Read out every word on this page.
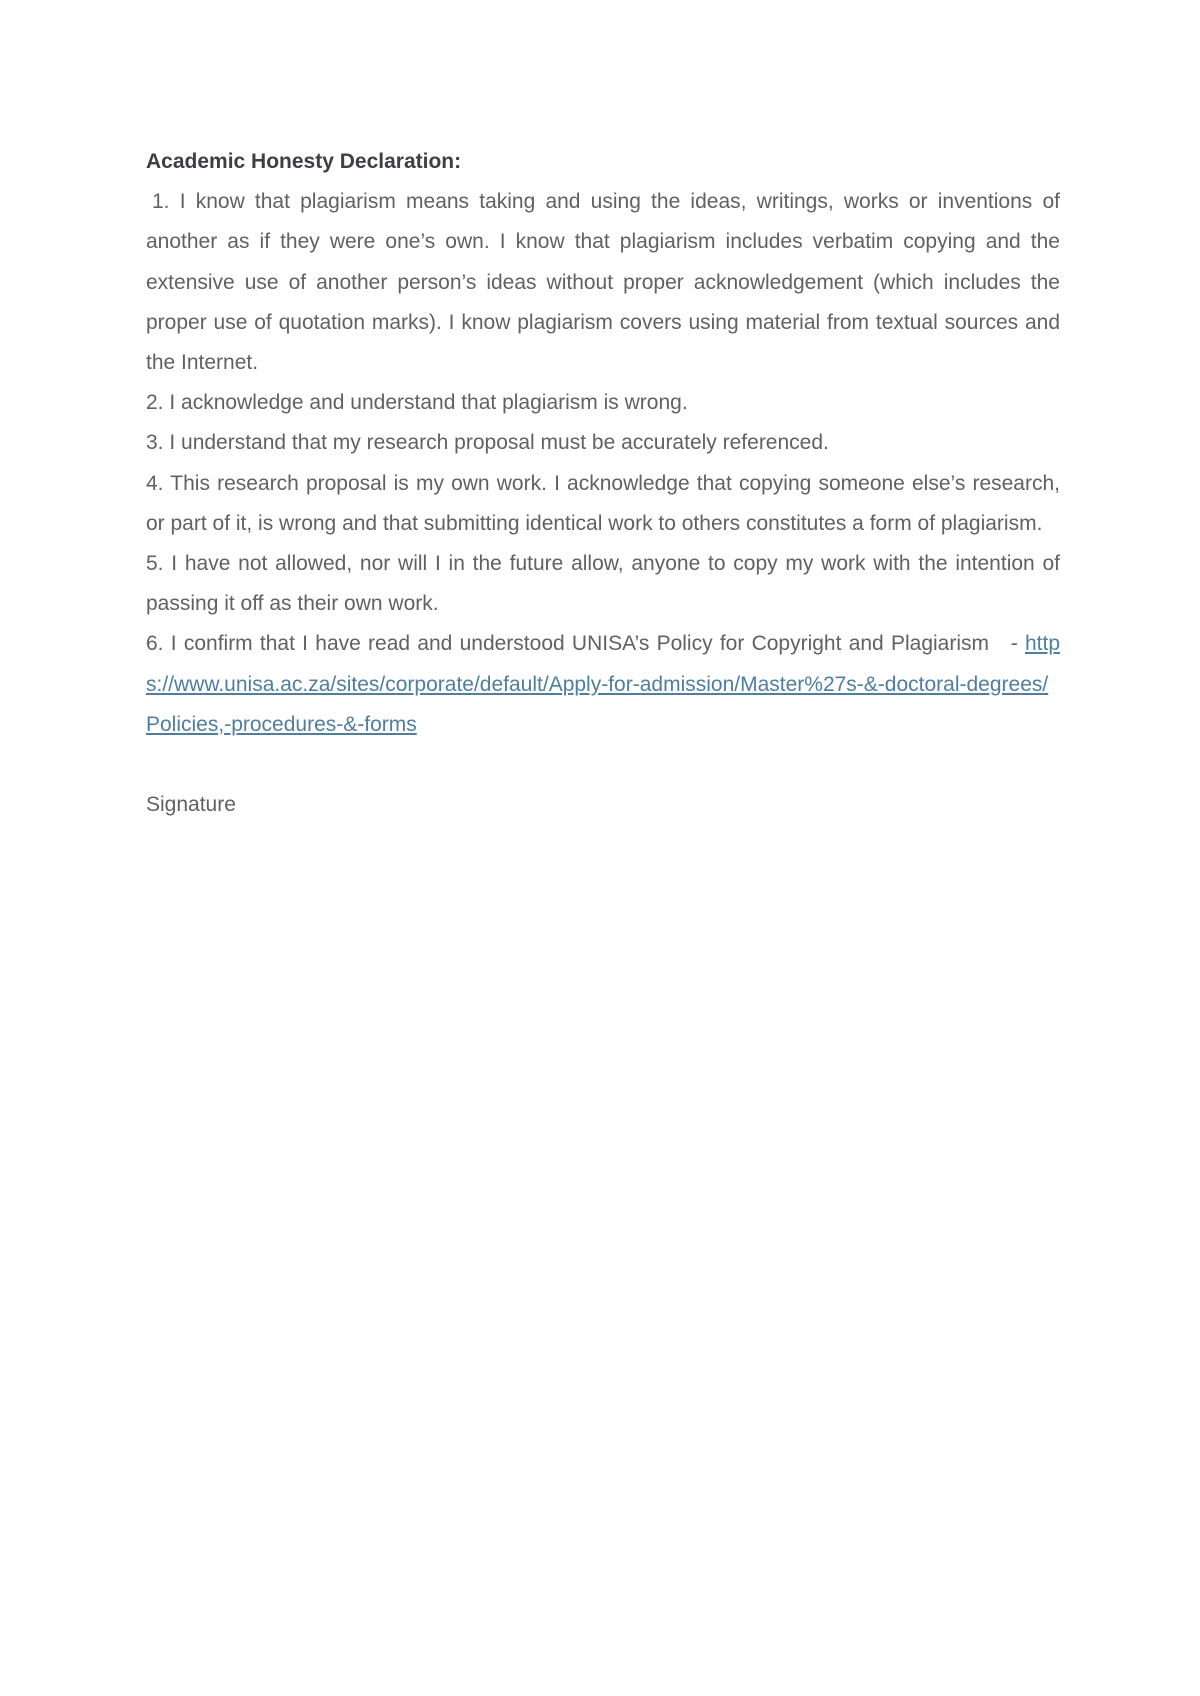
Academic Honesty Declaration:

1. I know that plagiarism means taking and using the ideas, writings, works or inventions of another as if they were one’s own. I know that plagiarism includes verbatim copying and the extensive use of another person’s ideas without proper acknowledgement (which includes the proper use of quotation marks). I know plagiarism covers using material from textual sources and the Internet.

2. I acknowledge and understand that plagiarism is wrong.

3. I understand that my research proposal must be accurately referenced.

4. This research proposal is my own work. I acknowledge that copying someone else’s research, or part of it, is wrong and that submitting identical work to others constitutes a form of plagiarism.

5. I have not allowed, nor will I in the future allow, anyone to copy my work with the intention of passing it off as their own work.

6. I confirm that I have read and understood UNISA’s Policy for Copyright and Plagiarism   - https://www.unisa.ac.za/sites/corporate/default/Apply-for-admission/Master%27s-&-doctoral-degrees/Policies,-procedures-&-forms

Signature
